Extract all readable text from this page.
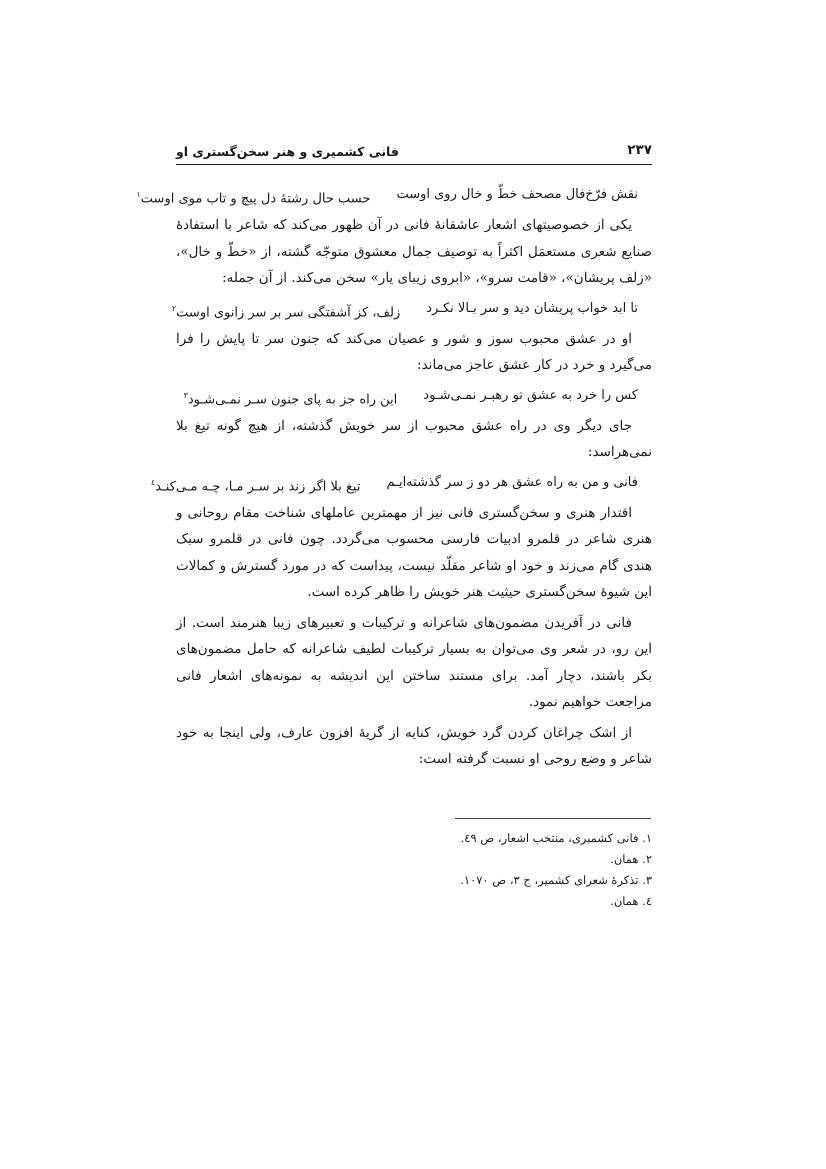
فانی کشمیری و هنر سخن‌گستری او	۲۳۷
نقش فرّخ‌فال مصحف خطّ و خال روی اوست
حسب حال رشتهٔ دل پیچ و تاب موی اوست$^۱$

یکی از خصوصیتهای اشعار عاشقانهٔ فانی در آن ظهور می‌کند که شاعر با استفادهٔ صنایع شعری مستعمَل اکثراً به توصیف جمال معشوق متوجّه گشته، از «خطّ و خال»، «زلف پریشان»، «قامت سرو»، «ابروی زیبای یار» سخن می‌کند. از آن جمله:

تا ابد خواب پریشان دید و سر بـالا نکـرد
زلف، کز آشفتگی سر بر سر زانوی اوست$^۲$

او در عشق محبوب سوز و شور و عصیان می‌کند که جنون سر تا پایش را فرا می‌گیرد و خرد در کار عشق عاجز می‌ماند:

کس را خرد به عشق تو رهبـر نمـی‌شـود
این راه جز به پای جنون سـر نمـی‌شـود$^۳$

جای دیگر وی در راه عشق محبوب از سر خویش گذشته، از هیچ گونه تیغ بلا نمی‌هراسد:

فانی و من به راه عشق هر دو ز سر گذشته‌ایـم
تیغ بلا اگر زند بر سـر مـا، چـه مـی‌کنـد$^٤$

اقتدار هنری و سخن‌گستری فانی نیز از مهمترین عاملهای شناخت مقام روحانی و هنری شاعر در قلمرو ادبیات فارسی محسوب می‌گردد. چون فانی در قلمرو سبک هندی گام می‌زند و خود او شاعر مقلّد نیست، پیداست که در مورد گسترش و کمالات این شیوهٔ سخن‌گستری حیثیت هنر خویش را ظاهر کرده است.

فانی در آفریدن مضمون‌های شاعرانه و ترکیبات و تعبیرهای زیبا هنرمند است. از این رو، در شعر وی می‌توان به بسیار ترکیبات لطیف شاعرانه که حامل مضمون‌های بکر باشند، دچار آمد. برای مستند ساختن این اندیشه به نمونه‌های اشعار فانی مراجعت خواهیم نمود.

از اشک چراغان کردن گرد خویش، کنایه از گریهٔ افزون عارف، ولی اینجا به خود شاعر و وضع روحی او نسبت گرفته است:

۱. فانی کشمیری، منتخب اشعار، ص ٤۹.
۲. همان.
۳. تذکرهٔ شعرای کشمیر، ج ۳، ص ۱۰۷۰.
٤. همان.
